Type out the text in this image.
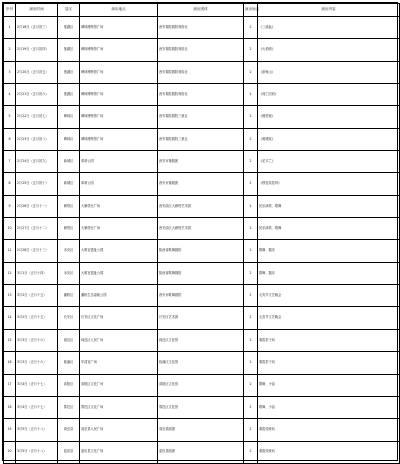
序号	演出时间	县区	演出地点	演出团体	演出场次	演出内容
1	2月18日（正月初三）	莲湖区	碑林博物馆广场	西安秦腔剧院易俗社	2	《三滴血》
2	2月19日（正月初四）	莲湖区	碑林博物馆广场	西安秦腔剧院易俗社	2	《火焰驹》
3	2月20日（正月初五）	莲湖区	碑林博物馆广场	西安秦腔剧院易俗社	2	《游龟山》
4	2月21日（正月初六）	莲湖区	碑林博物馆广场	西安秦腔剧院易俗社	2	《周仁回府》
5	2月22日（正月初七）	碑林区	碑林博物馆广场	西安秦腔剧院三意社	2	《铡美案》
6	2月23日（正月初八）	碑林区	碑林博物馆广场	西安秦腔剧院三意社	2	《窦娥冤》
7	2月24日（正月初九）	新城区	革命公园	西安市豫剧团	2	《花木兰》
8	2月25日（正月初十）	新城区	革命公园	西安市豫剧团	2	《穆桂英挂帅》
9	2月26日（正月十一）	雁塔区	大雁塔北广场	西安曲江大雁塔艺术团	2	民乐演奏、歌舞
10	2月27日（正月十二）	雁塔区	大雁塔北广场	西安曲江大雁塔艺术团	2	民乐演奏、歌舞
11	2月28日（正月十三）	未央区	大明宫遗址公园	陕西省歌舞剧院	2	歌舞、器乐
12	3月1日（正月十四）	未央区	大明宫遗址公园	陕西省歌舞剧院	2	歌舞、器乐
13	3月2日（正月十五）	灞桥区	灞桥生态湿地公园	西安市歌舞剧院	2	元宵节文艺晚会
14	3月2日（正月十五）	长安区	长安区文化广场	长安区艺术团	2	元宵节文艺晚会
15	3月3日（正月十六）	阎良区	阎良区人民广场	阎良区文化馆	2	秦腔折子戏
16	3月3日（正月十六）	临潼区	华清宫广场	临潼区文化馆	2	秦腔折子戏
17	3月4日（正月十七）	高陵区	高陵区文化广场	高陵区文化馆	2	歌舞、小品
18	3月4日（正月十七）	鄠邑区	鄠邑区文化广场	鄠邑区文化馆	2	歌舞、小品
19	3月5日（正月十八）	周至县	周至县人民广场	周至县剧团	2	秦腔传统戏
20	3月5日（正月十八）	蓝田县	蓝田县文化广场	蓝田县剧团	2	秦腔传统戏
